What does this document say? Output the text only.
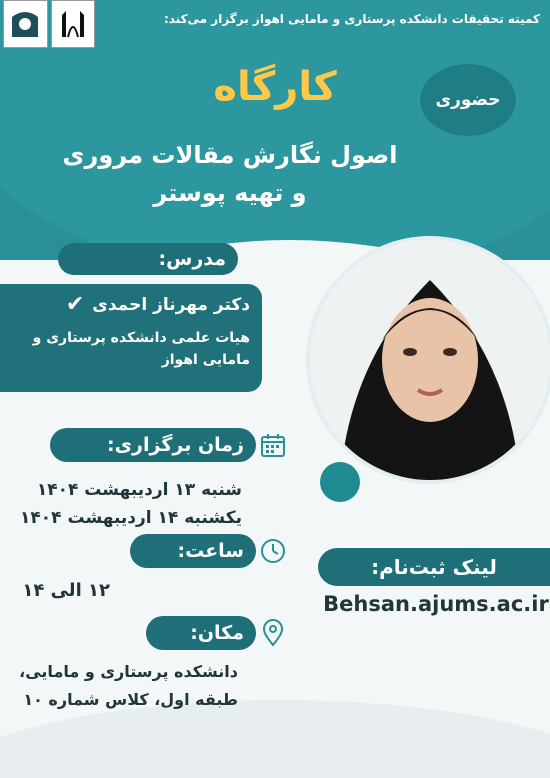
کمیته تحقیقات دانشکده پرستاری و مامایی اهواز برگزار می‌کند:
حضوری
کارگاه
اصول نگارش مقالات مروری
و تهیه پوستر
مدرس:
دکتر مهرناز احمدی
✔
هیات علمی دانشکده پرستاری و
مامایی اهواز
زمان برگزاری:
شنبه ۱۳ اردیبهشت ۱۴۰۴
یکشنبه ۱۴ اردیبهشت ۱۴۰۴
ساعت:
۱۲ الی ۱۴
مکان:
دانشکده پرستاری و مامایی،
طبقه اول، کلاس شماره ۱۰
لینک ثبت‌نام:
Behsan.ajums.ac.ir
